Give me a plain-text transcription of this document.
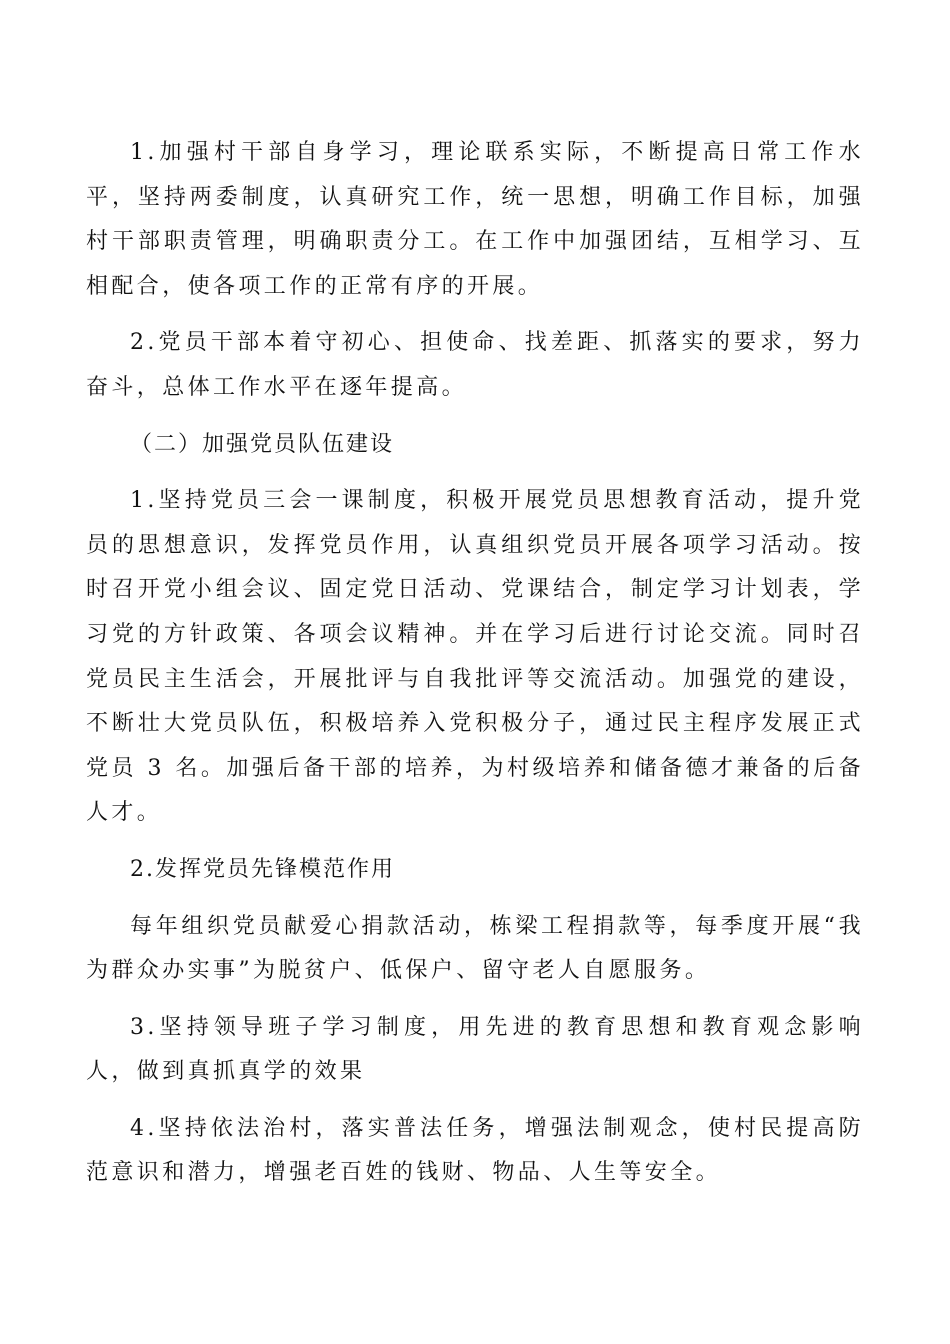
1.加强村干部自身学习，理论联系实际，不断提高日常工作水平，坚持两委制度，认真研究工作，统一思想，明确工作目标，加强村干部职责管理，明确职责分工。在工作中加强团结，互相学习、互相配合，使各项工作的正常有序的开展。

2.党员干部本着守初心、担使命、找差距、抓落实的要求，努力奋斗，总体工作水平在逐年提高。

（二）加强党员队伍建设

1.坚持党员三会一课制度，积极开展党员思想教育活动，提升党员的思想意识，发挥党员作用，认真组织党员开展各项学习活动。按时召开党小组会议、固定党日活动、党课结合，制定学习计划表，学习党的方针政策、各项会议精神。并在学习后进行讨论交流。同时召党员民主生活会，开展批评与自我批评等交流活动。加强党的建设，不断壮大党员队伍，积极培养入党积极分子，通过民主程序发展正式党员 3 名。加强后备干部的培养，为村级培养和储备德才兼备的后备人才。

2.发挥党员先锋模范作用

每年组织党员献爱心捐款活动，栋梁工程捐款等，每季度开展“我为群众办实事”为脱贫户、低保户、留守老人自愿服务。

3.坚持领导班子学习制度，用先进的教育思想和教育观念影响人，做到真抓真学的效果

4.坚持依法治村，落实普法任务，增强法制观念，使村民提高防范意识和潜力，增强老百姓的钱财、物品、人生等安全。
